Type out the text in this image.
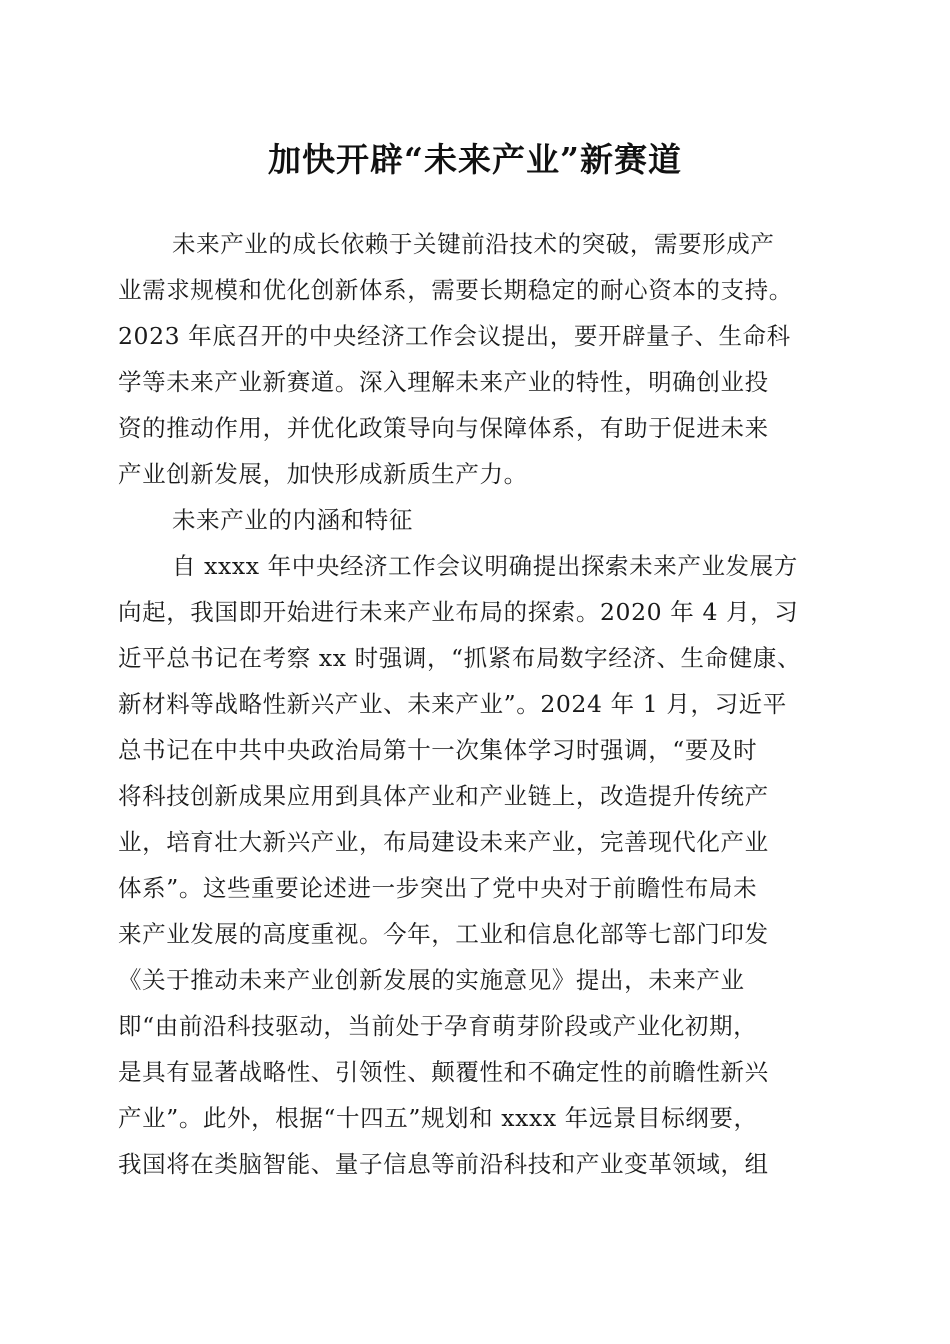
加快开辟“未来产业”新赛道
未来产业的成长依赖于关键前沿技术的突破，需要形成产
业需求规模和优化创新体系，需要长期稳定的耐心资本的支持。
2023 年底召开的中央经济工作会议提出，要开辟量子、生命科
学等未来产业新赛道。深入理解未来产业的特性，明确创业投
资的推动作用，并优化政策导向与保障体系，有助于促进未来
产业创新发展，加快形成新质生产力。
未来产业的内涵和特征
自 xxxx 年中央经济工作会议明确提出探索未来产业发展方
向起，我国即开始进行未来产业布局的探索。2020 年 4 月，习
近平总书记在考察 xx 时强调，“抓紧布局数字经济、生命健康、
新材料等战略性新兴产业、未来产业”。2024 年 1 月，习近平
总书记在中共中央政治局第十一次集体学习时强调，“要及时
将科技创新成果应用到具体产业和产业链上，改造提升传统产
业，培育壮大新兴产业，布局建设未来产业，完善现代化产业
体系”。这些重要论述进一步突出了党中央对于前瞻性布局未
来产业发展的高度重视。今年，工业和信息化部等七部门印发
《关于推动未来产业创新发展的实施意见》提出，未来产业
即“由前沿科技驱动，当前处于孕育萌芽阶段或产业化初期，
是具有显著战略性、引领性、颠覆性和不确定性的前瞻性新兴
产业”。此外，根据“十四五”规划和 xxxx 年远景目标纲要，
我国将在类脑智能、量子信息等前沿科技和产业变革领域，组
